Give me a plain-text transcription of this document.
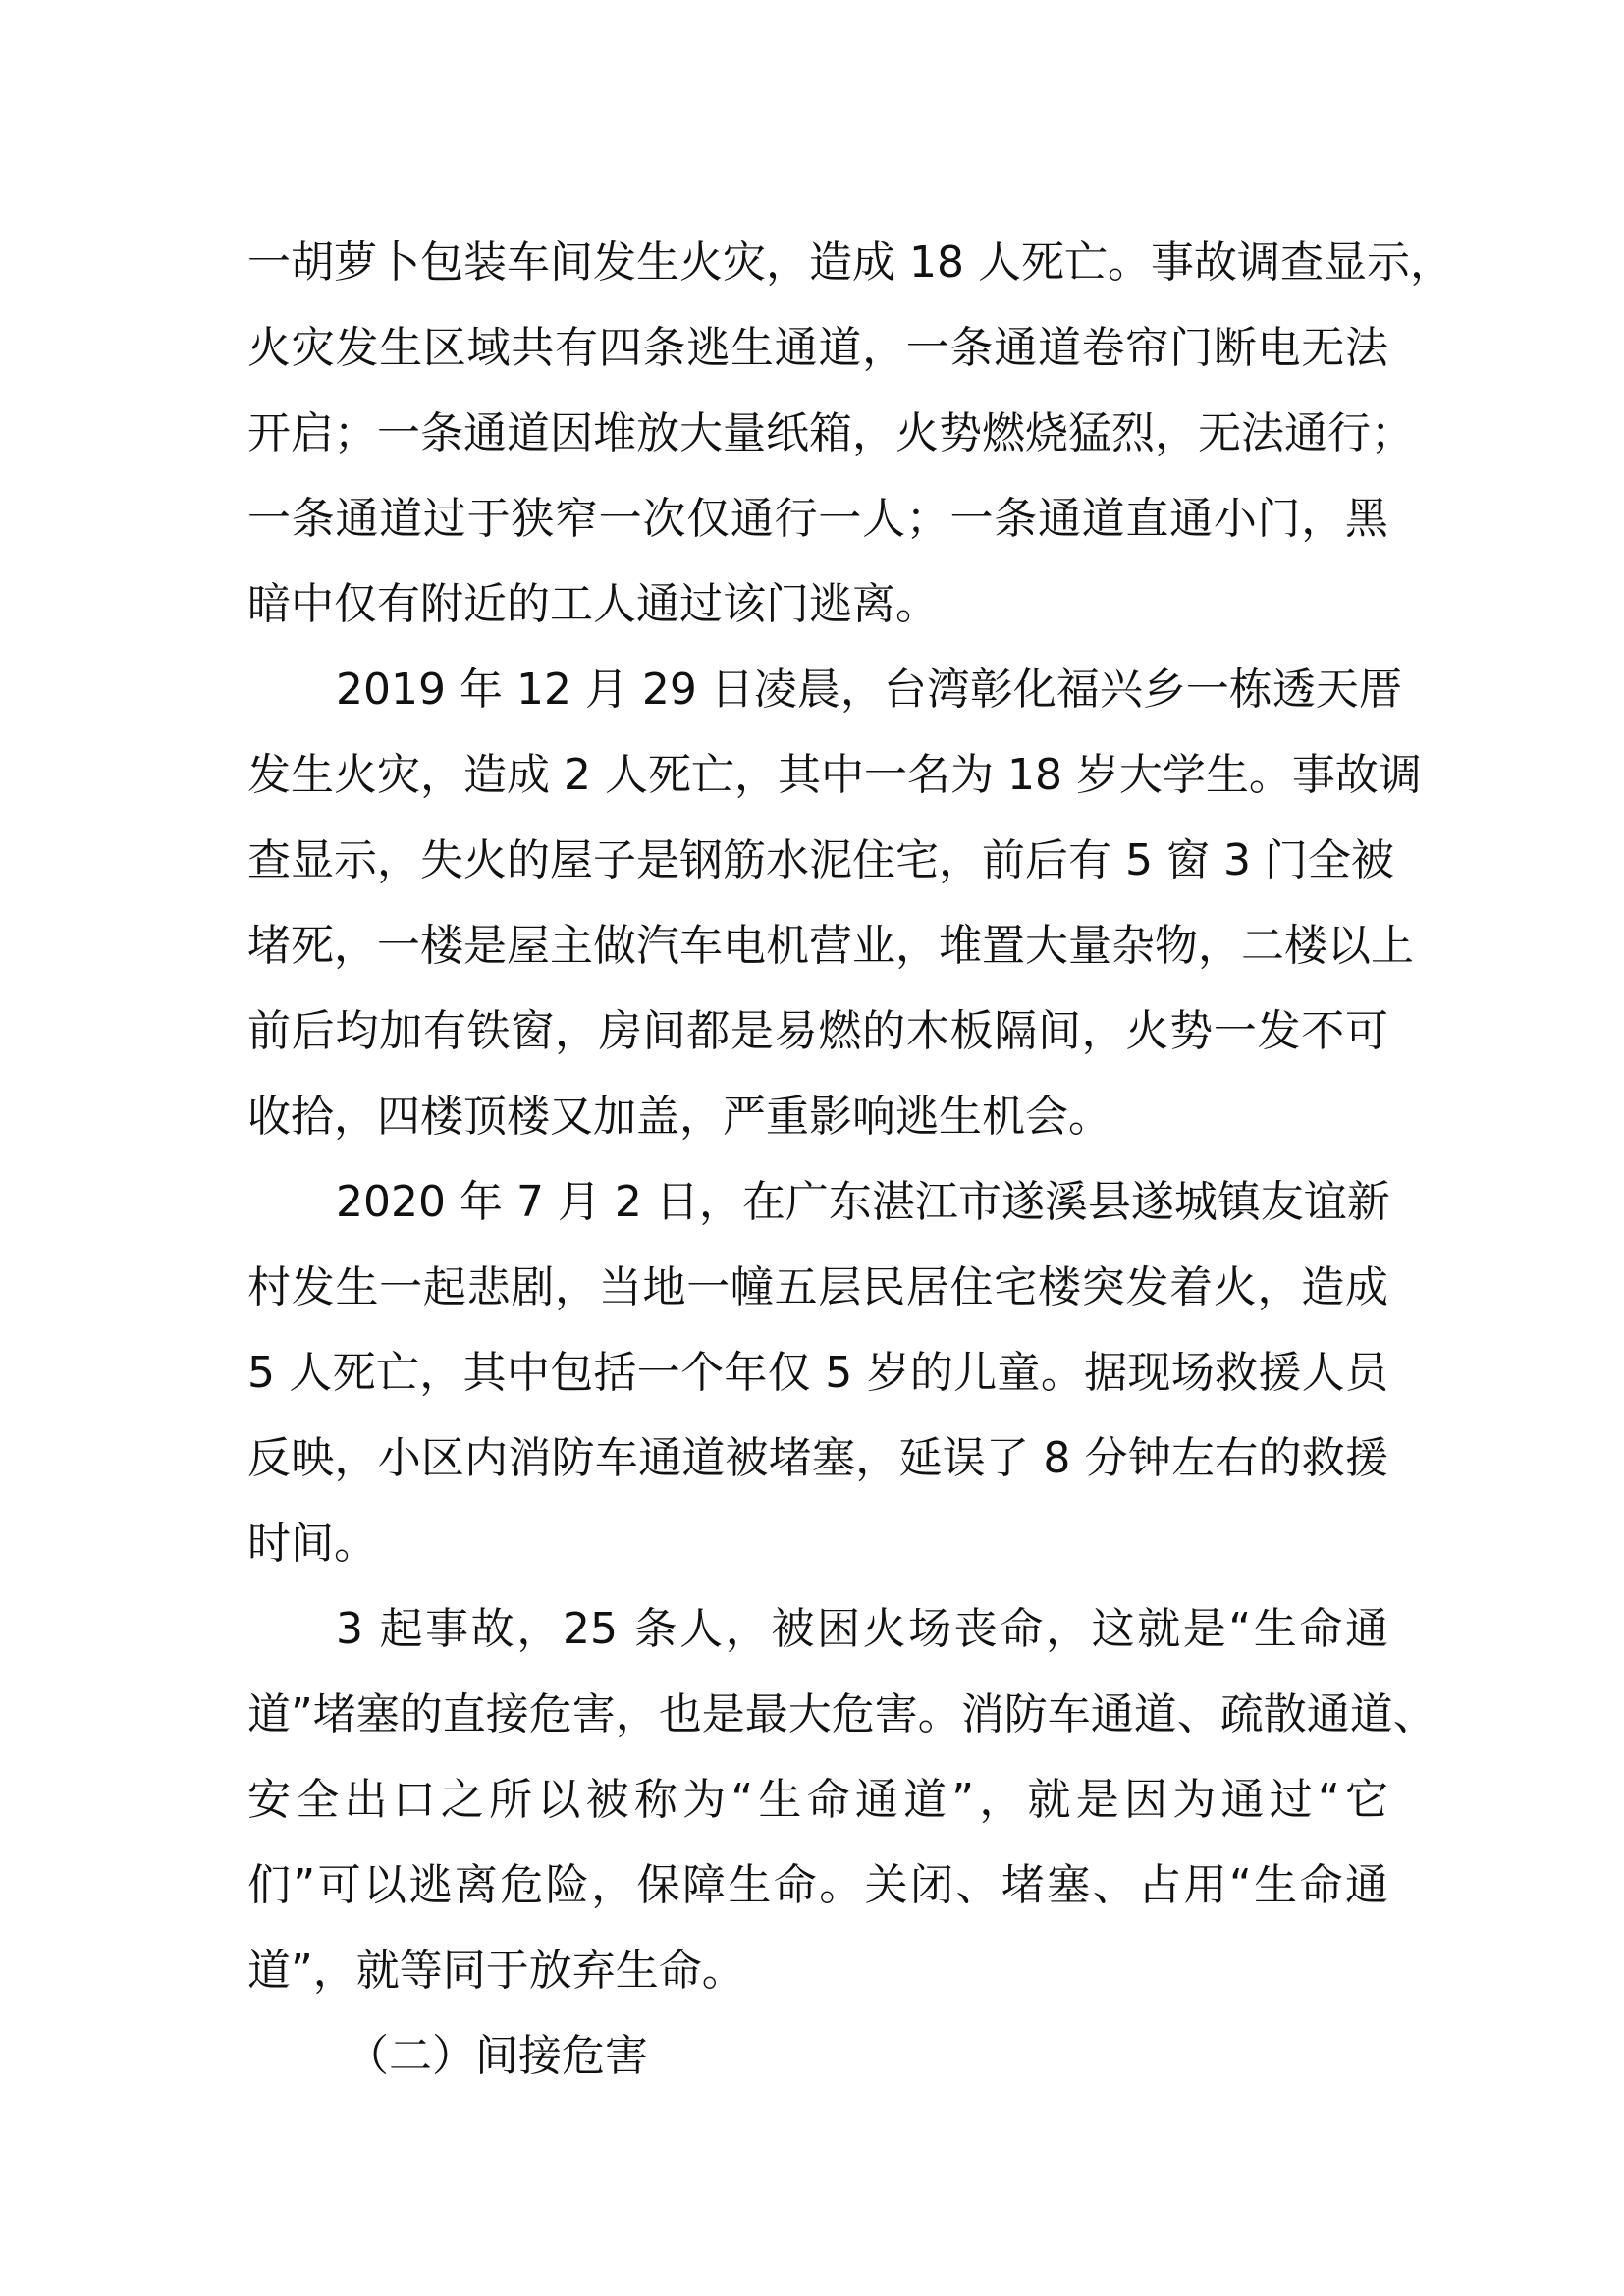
一胡萝卜包装车间发生火灾，造成 18 人死亡。事故调查显示，
火灾发生区域共有四条逃生通道，一条通道卷帘门断电无法
开启；一条通道因堆放大量纸箱，火势燃烧猛烈，无法通行；
一条通道过于狭窄一次仅通行一人；一条通道直通小门，黑
暗中仅有附近的工人通过该门逃离。
2019 年 12 月 29 日凌晨，台湾彰化福兴乡一栋透天厝
发生火灾，造成 2 人死亡，其中一名为 18 岁大学生。事故调
查显示，失火的屋子是钢筋水泥住宅，前后有 5 窗 3 门全被
堵死，一楼是屋主做汽车电机营业，堆置大量杂物，二楼以上
前后均加有铁窗，房间都是易燃的木板隔间，火势一发不可
收拾，四楼顶楼又加盖，严重影响逃生机会。
2020 年 7 月 2 日，在广东湛江市遂溪县遂城镇友谊新
村发生一起悲剧，当地一幢五层民居住宅楼突发着火，造成
5 人死亡，其中包括一个年仅 5 岁的儿童。据现场救援人员
反映，小区内消防车通道被堵塞，延误了 8 分钟左右的救援
时间。
3 起事故，25 条人，被困火场丧命，这就是“生命通
道”堵塞的直接危害，也是最大危害。消防车通道、疏散通道、
安全出口之所以被称为“生命通道”，就是因为通过“它
们”可以逃离危险，保障生命。关闭、堵塞、占用“生命通
道”，就等同于放弃生命。
（二）间接危害
